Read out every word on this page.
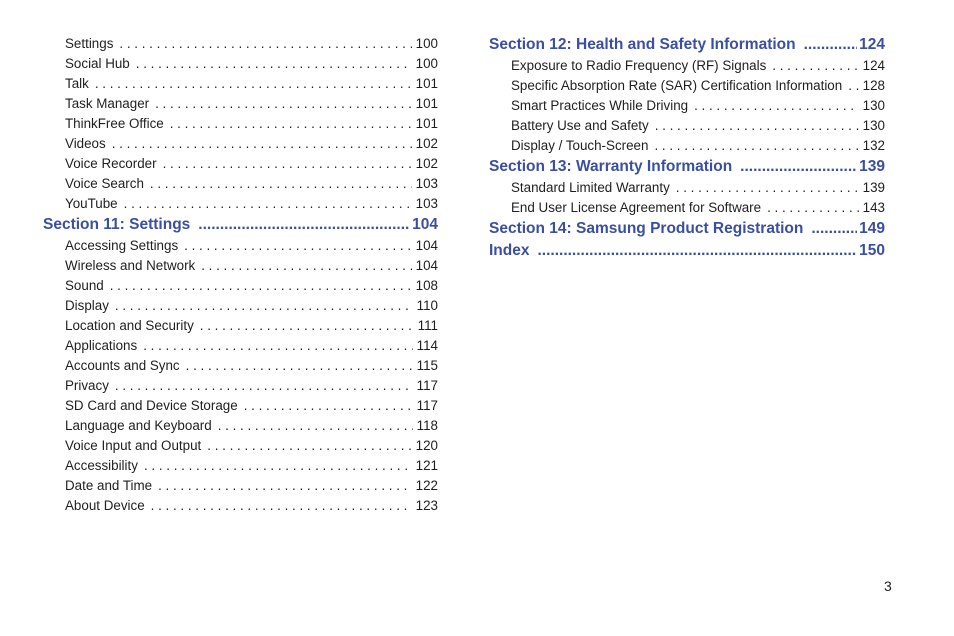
Settings . . .	100
Social Hub . . .	100
Talk . . .	101
Task Manager . . .	101
ThinkFree Office . . .	101
Videos . . .	102
Voice Recorder . . .	102
Voice Search . . .	103
YouTube . . .	103
Section 11: Settings .....	104
Accessing Settings . . .	104
Wireless and Network . . .	104
Sound . . .	108
Display . . .	110
Location and Security . . .	111
Applications . . .	114
Accounts and Sync . . .	115
Privacy . . .	117
SD Card and Device Storage . . .	117
Language and Keyboard . . .	118
Voice Input and Output . . .	120
Accessibility . . .	121
Date and Time . . .	122
About Device . . .	123
Section 12: Health and Safety Information .....	124
Exposure to Radio Frequency (RF) Signals . . .	124
Specific Absorption Rate (SAR) Certification Information . . .	128
Smart Practices While Driving . . .	130
Battery Use and Safety . . .	130
Display / Touch-Screen . . .	132
Section 13: Warranty Information .....	139
Standard Limited Warranty . . .	139
End User License Agreement for Software . . .	143
Section 14: Samsung Product Registration .....	149
Index .....	150
3
